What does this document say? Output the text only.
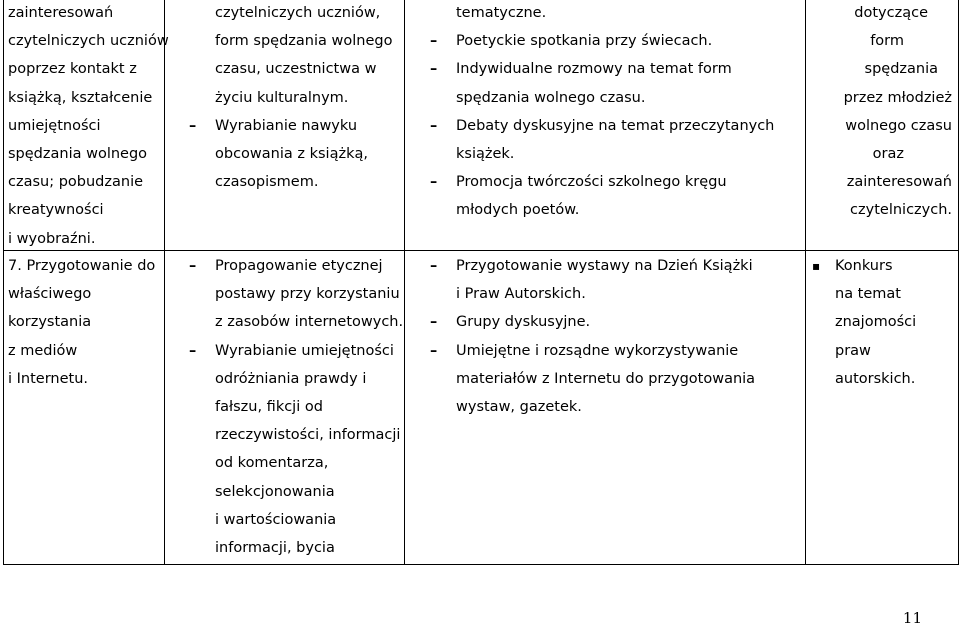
zainteresowań
czytelniczych uczniów
poprzez kontakt z
książką, kształcenie
umiejętności
spędzania wolnego
czasu; pobudzanie
kreatywności
i wyobraźni.
czytelniczych uczniów,
form spędzania wolnego
czasu, uczestnictwa w
życiu kulturalnym.
– Wyrabianie nawyku
obcowania z książką,
czasopismem.
tematyczne.
– Poetyckie spotkania przy świecach.
– Indywidualne rozmowy na temat form
spędzania wolnego czasu.
– Debaty dyskusyjne na temat przeczytanych
książek.
– Promocja twórczości szkolnego kręgu
młodych poetów.
dotyczące
form
spędzania
przez młodzież
wolnego czasu
oraz
zainteresowań
czytelniczych.
7. Przygotowanie do
właściwego
korzystania
z mediów
i Internetu.
– Propagowanie etycznej
postawy przy korzystaniu
z zasobów internetowych.
– Wyrabianie umiejętności
odróżniania prawdy i
fałszu, fikcji od
rzeczywistości, informacji
od komentarza,
selekcjonowania
i wartościowania
informacji, bycia
– Przygotowanie wystawy na Dzień Książki
i Praw Autorskich.
– Grupy dyskusyjne.
– Umiejętne i rozsądne wykorzystywanie
materiałów z Internetu do przygotowania
wystaw, gazetek.
▪ Konkurs
na temat
znajomości
praw
autorskich.
11
